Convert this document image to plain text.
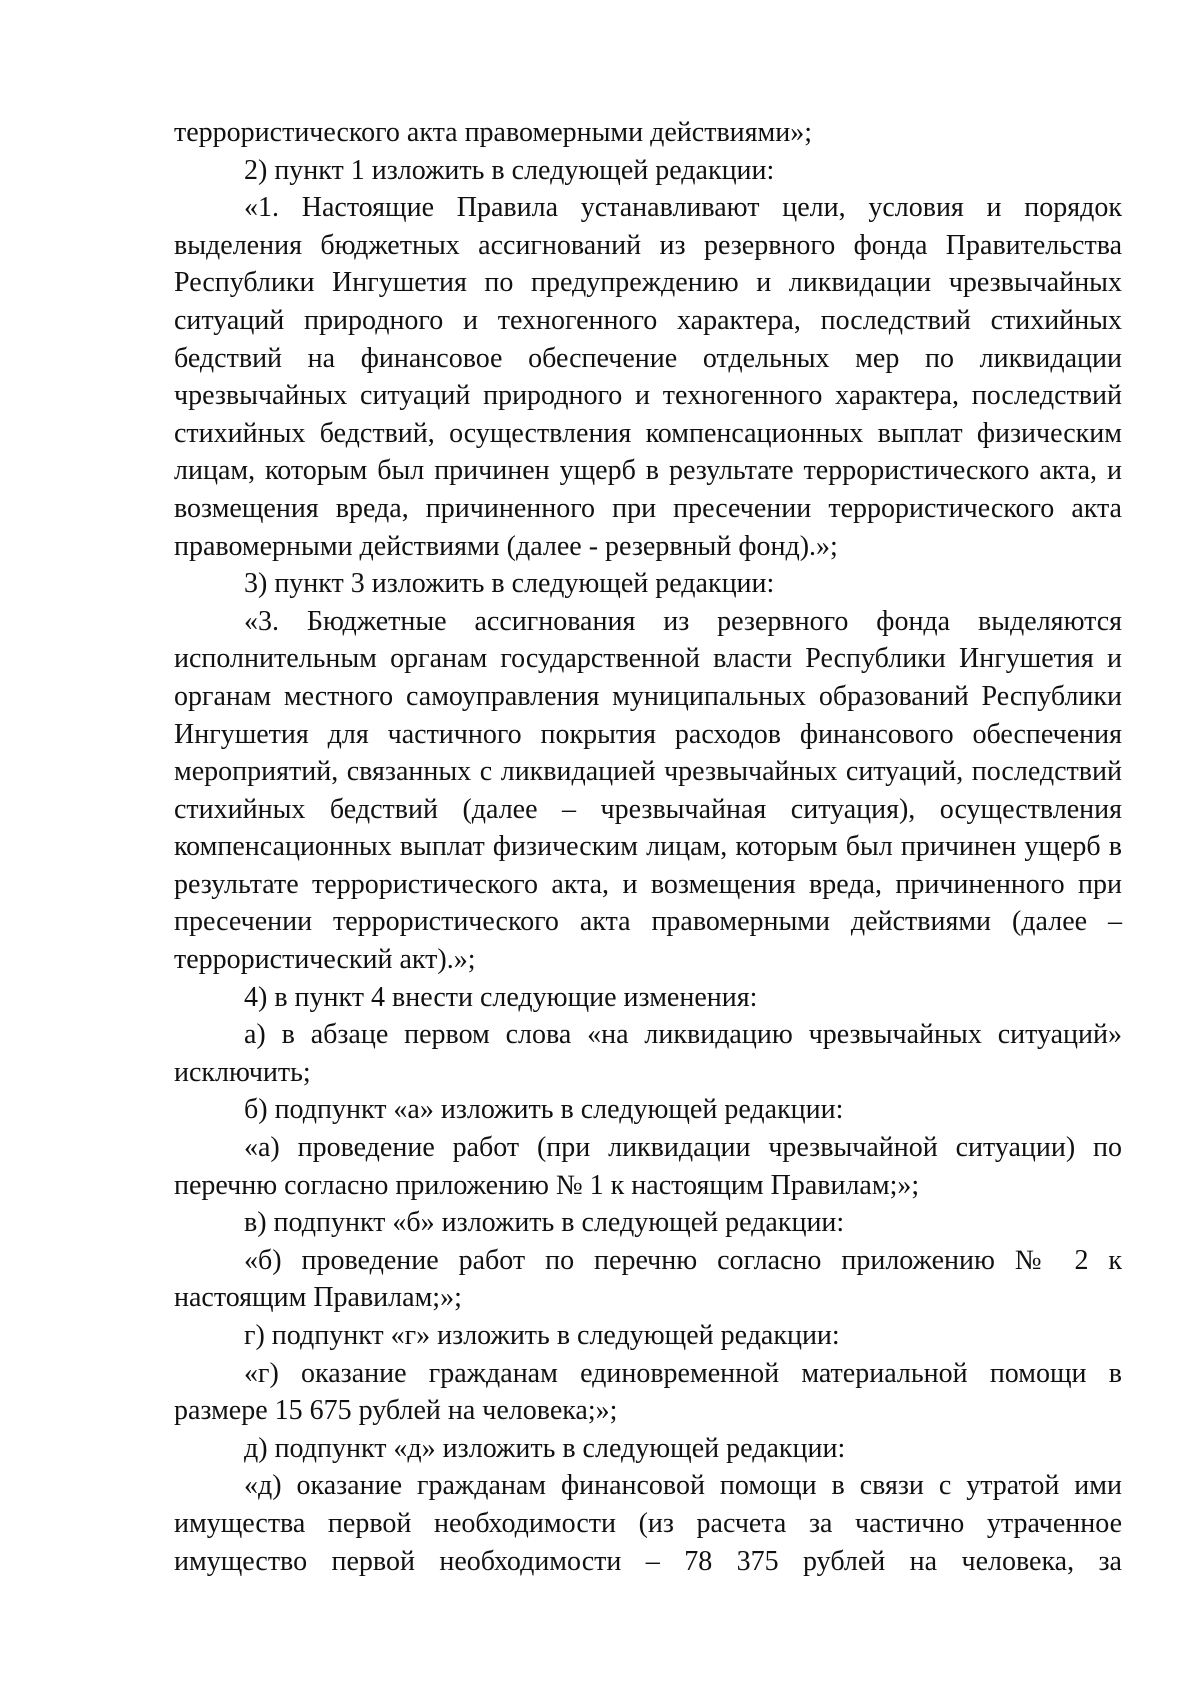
террористического акта правомерными действиями»;

2) пункт 1 изложить в следующей редакции:

«1. Настоящие Правила устанавливают цели, условия и порядок выделения бюджетных ассигнований из резервного фонда Правительства Республики Ингушетия по предупреждению и ликвидации чрезвычайных ситуаций природного и техногенного характера, последствий стихийных бедствий на финансовое обеспечение отдельных мер по ликвидации чрезвычайных ситуаций природного и техногенного характера, последствий стихийных бедствий, осуществления компенсационных выплат физическим лицам, которым был причинен ущерб в результате террористического акта, и возмещения вреда, причиненного при пресечении террористического акта правомерными действиями (далее - резервный фонд).»;

3) пункт 3 изложить в следующей редакции:

«3. Бюджетные ассигнования из резервного фонда выделяются исполнительным органам государственной власти Республики Ингушетия и органам местного самоуправления муниципальных образований Республики Ингушетия для частичного покрытия расходов финансового обеспечения мероприятий, связанных с ликвидацией чрезвычайных ситуаций, последствий стихийных бедствий (далее – чрезвычайная ситуация), осуществления компенсационных выплат физическим лицам, которым был причинен ущерб в результате террористического акта, и возмещения вреда, причиненного при пресечении террористического акта правомерными действиями (далее – террористический акт).»;

4) в пункт 4 внести следующие изменения:

а) в абзаце первом слова «на ликвидацию чрезвычайных ситуаций» исключить;

б) подпункт «а» изложить в следующей редакции:

«а) проведение работ (при ликвидации чрезвычайной ситуации) по перечню согласно приложению № 1 к настоящим Правилам;»;

в) подпункт «б» изложить в следующей редакции:

«б) проведение работ по перечню согласно приложению № 2 к настоящим Правилам;»;

г) подпункт «г» изложить в следующей редакции:

«г) оказание гражданам единовременной материальной помощи в размере 15 675 рублей на человека;»;

д) подпункт «д» изложить в следующей редакции:

«д) оказание гражданам финансовой помощи в связи с утратой ими имущества первой необходимости (из расчета за частично утраченное имущество первой необходимости – 78 375 рублей на человека, за
